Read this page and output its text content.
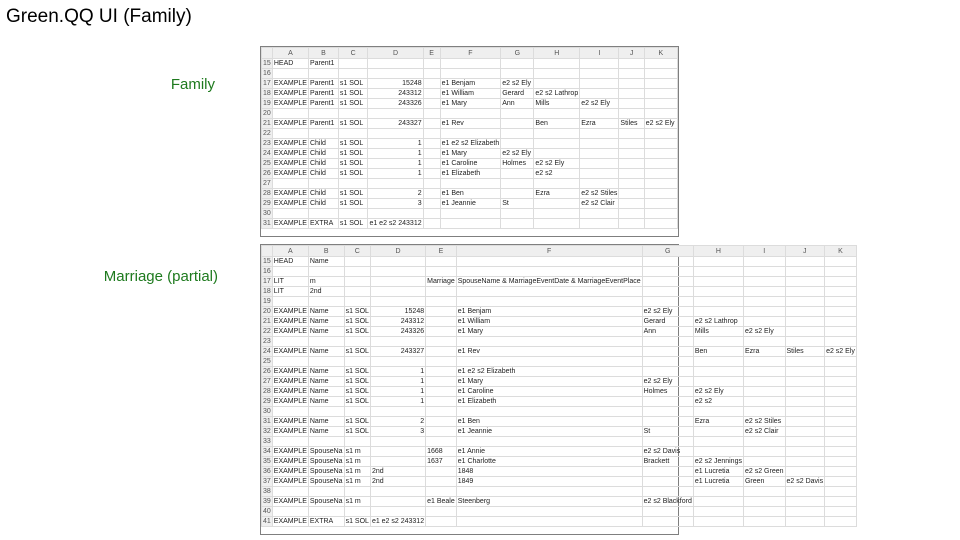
Green.QQ UI (Family)
Family
Marriage (partial)
	A	B	C	D	E	F	G	H	I	J	K
15	HEAD	Parent1									
16											
17	EXAMPLE	Parent1	s1 SOL	15248		e1 Benjam	e2 s2 Ely				
18	EXAMPLE	Parent1	s1 SOL	243312		e1 William	Gerard	e2 s2 Lathrop			
19	EXAMPLE	Parent1	s1 SOL	243326		e1 Mary	Ann	Mills	e2 s2 Ely		
20											
21	EXAMPLE	Parent1	s1 SOL	243327		e1 Rev		Ben	Ezra	Stiles	e2 s2 Ely
22											
23	EXAMPLE	Child	s1 SOL	1		e1 e2 s2 Elizabeth					
24	EXAMPLE	Child	s1 SOL	1		e1 Mary	e2 s2 Ely				
25	EXAMPLE	Child	s1 SOL	1		e1 Caroline	Holmes	e2 s2 Ely			
26	EXAMPLE	Child	s1 SOL	1		e1 Elizabeth		e2 s2			
27											
28	EXAMPLE	Child	s1 SOL	2		e1 Ben		Ezra	e2 s2 Stiles		
29	EXAMPLE	Child	s1 SOL	3		e1 Jeannie	St		e2 s2 Clair		
30											
31	EXAMPLE	EXTRA	s1 SOL	e1 e2 s2 243312							
	A	B	C	D	E	F	G	H	I	J	K
15	HEAD	Name									
16											
17	LIT	m			Marriage	SpouseName & MarriageEventDate & MarriageEventPlace					
18	LIT	2nd									
19											
20	EXAMPLE	Name	s1 SOL	15248		e1 Benjam	e2 s2 Ely				
21	EXAMPLE	Name	s1 SOL	243312		e1 William	Gerard	e2 s2 Lathrop			
22	EXAMPLE	Name	s1 SOL	243326		e1 Mary	Ann	Mills	e2 s2 Ely		
23											
24	EXAMPLE	Name	s1 SOL	243327		e1 Rev		Ben	Ezra	Stiles	e2 s2 Ely
25											
26	EXAMPLE	Name	s1 SOL	1		e1 e2 s2 Elizabeth					
27	EXAMPLE	Name	s1 SOL	1		e1 Mary	e2 s2 Ely				
28	EXAMPLE	Name	s1 SOL	1		e1 Caroline	Holmes	e2 s2 Ely			
29	EXAMPLE	Name	s1 SOL	1		e1 Elizabeth		e2 s2			
30											
31	EXAMPLE	Name	s1 SOL	2		e1 Ben		Ezra	e2 s2 Stiles		
32	EXAMPLE	Name	s1 SOL	3		e1 Jeannie	St		e2 s2 Clair		
33											
34	EXAMPLE	SpouseNa	s1 m		1668	e1 Annie	e2 s2 Davis				
35	EXAMPLE	SpouseNa	s1 m		1637	e1 Charlotte	Brackett	e2 s2 Jennings			
36	EXAMPLE	SpouseNa	s1 m	2nd		1848		e1 Lucretia	e2 s2 Green		
37	EXAMPLE	SpouseNa	s1 m	2nd		1849		e1 Lucretia	Green	e2 s2 Davis	
38											
39	EXAMPLE	SpouseNa	s1 m		e1 Beale	Steenberg	e2 s2 Blackford				
40											
41	EXAMPLE	EXTRA	s1 SOL	e1 e2 s2 243312							
